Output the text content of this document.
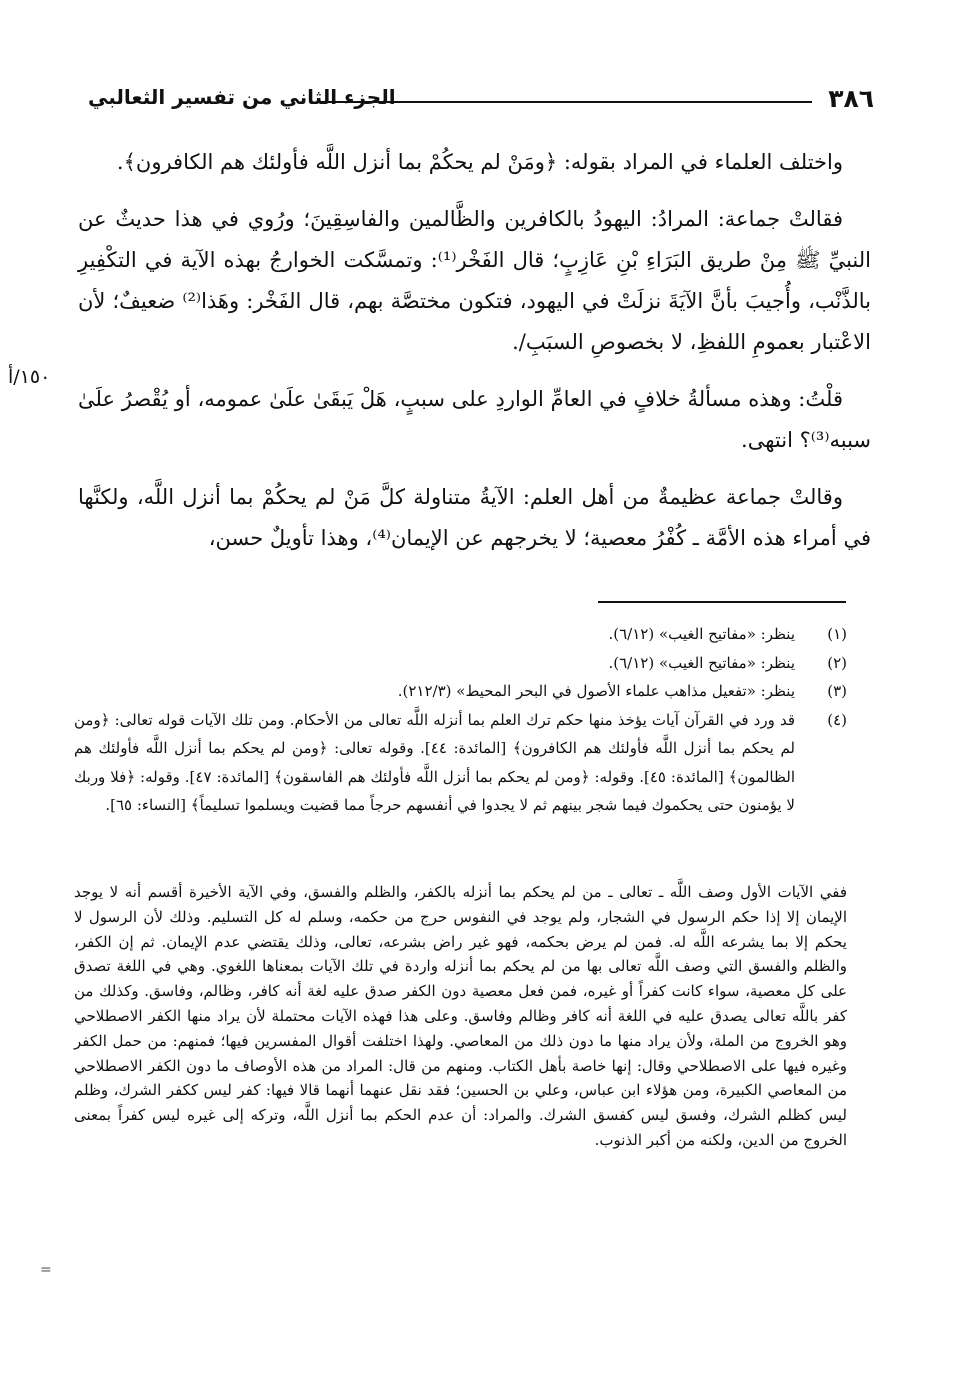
٣٨٦
الجزء الثاني من تفسير الثعالبي

واختلف العلماء في المراد بقوله: ﴿ومَنْ لم يحكُمْ بما أنزل اللَّه فأولئك هم الكافرون﴾.

فقالتْ جماعة: المرادُ: اليهودُ بالكافرين والظَّالمين والفاسِقِينَ؛ ورُوي في هذا حديثٌ عن النبيِّ ﷺ مِنْ طريق البَرَاءِ بْنِ عَازِبٍ؛ قال الفَخْر⁽¹⁾: وتمسَّكت الخوارجُ بهذه الآية في التكْفِيرِ بالذَّنْب، وأُجيبَ بأنَّ الآيَةَ نزلَتْ في اليهود، فتكون مختصَّة بهم، قال الفَخْر: وهَذا⁽²⁾ ضعيفٌ؛ لأن الاعْتبار بعمومِ اللفظِ، لا بخصوصِ السبَبِ/.

قلْتُ: وهذه مسألةُ خلافٍ في العامِّ الواردِ على سببٍ، هَلْ يَبقَىٰ علَىٰ عمومه، أو يُقْصرُ علَىٰ سببه⁽³⁾؟ انتهى.

وقالتْ جماعة عظيمةٌ من أهل العلم: الآيةُ متناولة كلَّ مَنْ لم يحكُمْ بما أنزل اللَّه، ولكنَّها في أمراء هذه الأمَّة ـ كُفْرُ معصية؛ لا يخرجهم عن الإيمان⁽⁴⁾، وهذا تأويلٌ حسن،

١٥٠/أ
(١)
ينظر: «مفاتيح الغيب» (٦/١٢).
(٢)
ينظر: «مفاتيح الغيب» (٦/١٢).
(٣)
ينظر: «تفعيل مذاهب علماء الأصول في البحر المحيط» (٢١٢/٣).
(٤)
قد ورد في القرآن آيات يؤخذ منها حكم ترك العلم بما أنزله اللَّه تعالى من الأحكام. ومن تلك الآيات قوله تعالى: ﴿ومن لم يحكم بما أنزل اللَّه فأولئك هم الكافرون﴾ [المائدة: ٤٤]. وقوله تعالى: ﴿ومن لم يحكم بما أنزل اللَّه فأولئك هم الظالمون﴾ [المائدة: ٤٥]. وقوله: ﴿ومن لم يحكم بما أنزل اللَّه فأولئك هم الفاسقون﴾ [المائدة: ٤٧]. وقوله: ﴿فلا وربك لا يؤمنون حتى يحكموك فيما شجر بينهم ثم لا يجدوا في أنفسهم حرجاً مما قضيت ويسلموا تسليماً﴾ [النساء: ٦٥].

ففي الآيات الأول وصف اللَّه ـ تعالى ـ من لم يحكم بما أنزله بالكفر، والظلم والفسق، وفي الآية الأخيرة أقسم أنه لا يوجد الإيمان إلا إذا حكم الرسول في الشجار، ولم يوجد في النفوس حرج من حكمه، وسلم له كل التسليم. وذلك لأن الرسول لا يحكم إلا بما يشرعه اللَّه له. فمن لم يرض بحكمه، فهو غير راض بشرعه، تعالى، وذلك يقتضي عدم الإيمان. ثم إن الكفر، والظلم والفسق التي وصف اللَّه تعالى بها من لم يحكم بما أنزله واردة في تلك الآيات بمعناها اللغوي. وهي في اللغة تصدق على كل معصية، سواء كانت كفراً أو غيره، فمن فعل معصية دون الكفر صدق عليه لغة أنه كافر، وظالم، وفاسق. وكذلك من كفر باللَّه تعالى يصدق عليه في اللغة أنه كافر وظالم وفاسق. وعلى هذا فهذه الآيات محتملة لأن يراد منها الكفر الاصطلاحي وهو الخروج من الملة، ولأن يراد منها ما دون ذلك من المعاصي. ولهذا اختلفت أقوال المفسرين فيها؛ فمنهم: من حمل الكفر وغيره فيها على الاصطلاحي وقال: إنها خاصة بأهل الكتاب. ومنهم من قال: المراد من هذه الأوصاف ما دون الكفر الاصطلاحي من المعاصي الكبيرة، ومن هؤلاء ابن عباس، وعلي بن الحسين؛ فقد نقل عنهما أنهما قالا فيها: كفر ليس ككفر الشرك، وظلم ليس كظلم الشرك، وفسق ليس كفسق الشرك. والمراد: أن عدم الحكم بما أنزل اللَّه، وتركه إلى غيره ليس كفراً بمعنى الخروج من الدين، ولكنه من أكبر الذنوب.

=
